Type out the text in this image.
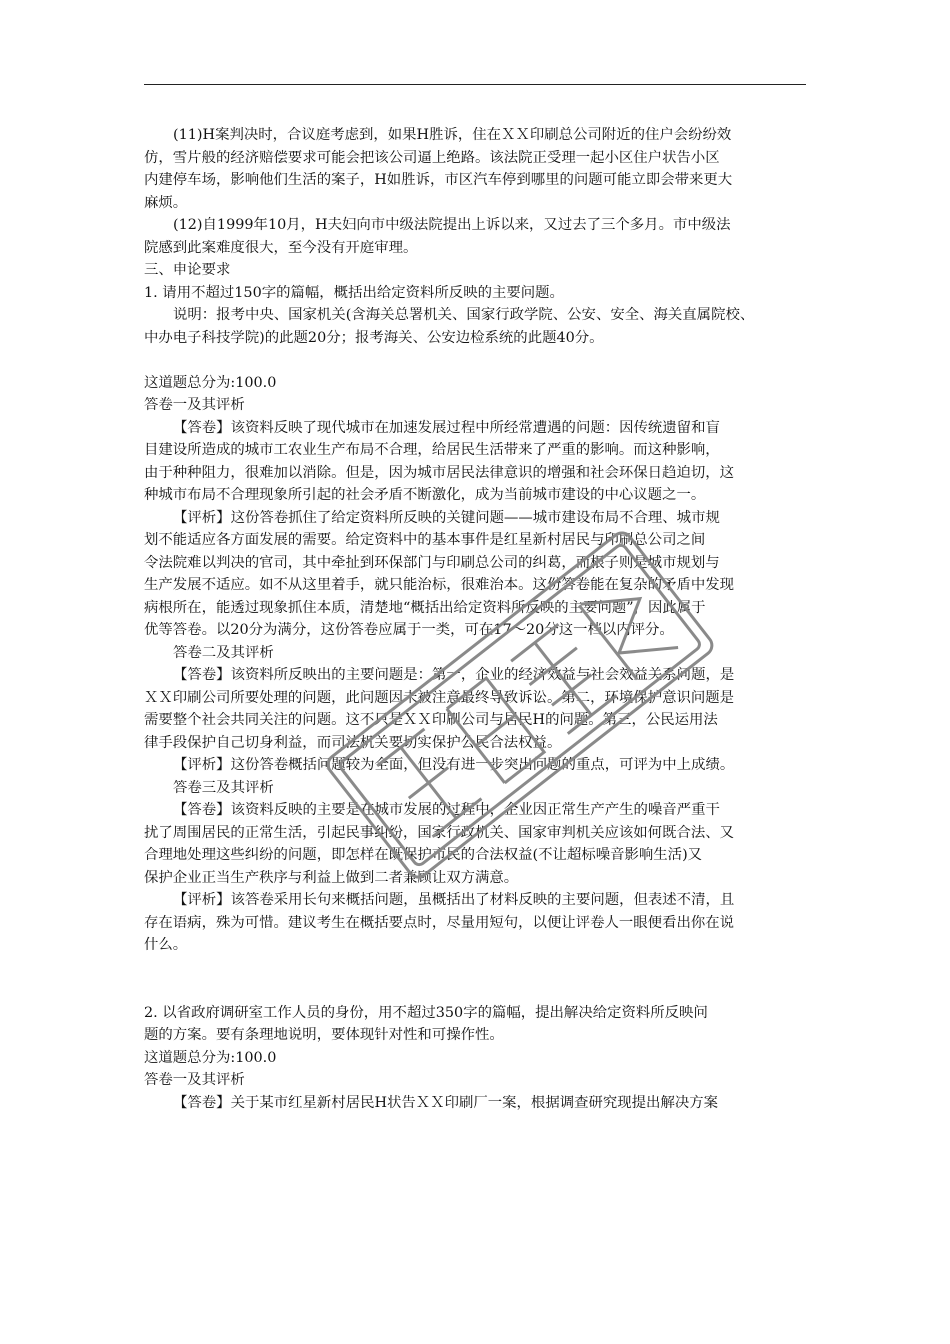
(11)H案判决时，合议庭考虑到，如果H胜诉，住在ＸＸ印刷总公司附近的住户会纷纷效
仿，雪片般的经济赔偿要求可能会把该公司逼上绝路。该法院正受理一起小区住户状告小区
内建停车场，影响他们生活的案子，H如胜诉，市区汽车停到哪里的问题可能立即会带来更大
麻烦。
(12)自1999年10月，H夫妇向市中级法院提出上诉以来，又过去了三个多月。市中级法
院感到此案难度很大，至今没有开庭审理。
三、申论要求
1. 请用不超过150字的篇幅，概括出给定资料所反映的主要问题。
说明：报考中央、国家机关(含海关总署机关、国家行政学院、公安、安全、海关直属院校、
中办电子科技学院)的此题20分；报考海关、公安边检系统的此题40分。
这道题总分为:100.0
答卷一及其评析
【答卷】该资料反映了现代城市在加速发展过程中所经常遭遇的问题：因传统遗留和盲
目建设所造成的城市工农业生产布局不合理，给居民生活带来了严重的影响。而这种影响，
由于种种阻力，很难加以消除。但是，因为城市居民法律意识的增强和社会环保日趋迫切，这
种城市布局不合理现象所引起的社会矛盾不断激化，成为当前城市建设的中心议题之一。
【评析】这份答卷抓住了给定资料所反映的关键问题——城市建设布局不合理、城市规
划不能适应各方面发展的需要。给定资料中的基本事件是红星新村居民与印刷总公司之间
令法院难以判决的官司，其中牵扯到环保部门与印刷总公司的纠葛，而根子则是城市规划与
生产发展不适应。如不从这里着手，就只能治标，很难治本。这份答卷能在复杂的矛盾中发现
病根所在，能透过现象抓住本质，清楚地“概括出给定资料所反映的主要问题”，因此属于
优等答卷。以20分为满分，这份答卷应属于一类，可在17～20分这一档以内评分。
答卷二及其评析
【答卷】该资料所反映出的主要问题是：第一，企业的经济效益与社会效益关系问题，是
ＸＸ印刷公司所要处理的问题，此问题因未被注意最终导致诉讼。第二，环境保护意识问题是
需要整个社会共同关注的问题。这不只是ＸＸ印刷公司与居民H的问题。第三，公民运用法
律手段保护自己切身利益，而司法机关要切实保护公民合法权益。
【评析】这份答卷概括问题较为全面，但没有进一步突出问题的重点，可评为中上成绩。
答卷三及其评析
【答卷】该资料反映的主要是在城市发展的过程中，企业因正常生产产生的噪音严重干
扰了周围居民的正常生活，引起民事纠纷，国家行政机关、国家审判机关应该如何既合法、又
合理地处理这些纠纷的问题，即怎样在既保护市民的合法权益(不让超标噪音影响生活)又
保护企业正当生产秩序与利益上做到二者兼顾让双方满意。
【评析】该答卷采用长句来概括问题，虽概括出了材料反映的主要问题，但表述不清，且
存在语病，殊为可惜。建议考生在概括要点时，尽量用短句，以便让评卷人一眼便看出你在说
什么。
2. 以省政府调研室工作人员的身份，用不超过350字的篇幅，提出解决给定资料所反映问
题的方案。要有条理地说明，要体现针对性和可操作性。
这道题总分为:100.0
答卷一及其评析
【答卷】关于某市红星新村居民H状告ＸＸ印刷厂一案，根据调查研究现提出解决方案
